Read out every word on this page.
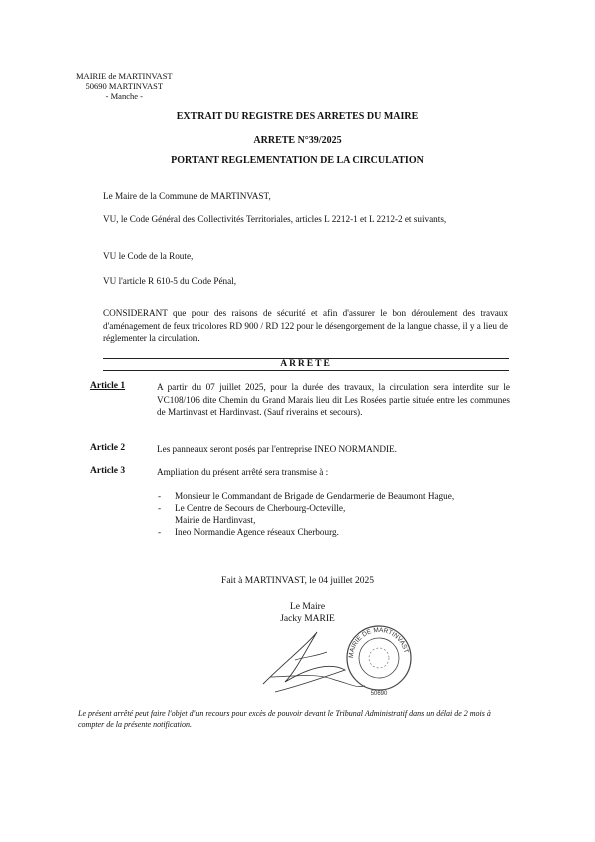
MAIRIE de MARTINVAST
50690 MARTINVAST
- Manche -
EXTRAIT DU REGISTRE DES ARRETES DU MAIRE
ARRETE N°39/2025
PORTANT REGLEMENTATION DE LA CIRCULATION
Le Maire de la Commune de MARTINVAST,
VU, le Code Général des Collectivités Territoriales, articles L 2212-1 et L 2212-2 et suivants,
VU le Code de la Route,
VU l'article R 610-5 du Code Pénal,
CONSIDERANT que pour des raisons de sécurité et afin d'assurer le bon déroulement des travaux d'aménagement de feux tricolores RD 900 / RD 122 pour le désengorgement de la langue chasse, il y a lieu de réglementer la circulation.
ARRETE
Article 1	A partir du 07 juillet 2025, pour la durée des travaux, la circulation sera interdite sur le VC108/106 dite Chemin du Grand Marais lieu dit Les Rosées partie située entre les communes de Martinvast et Hardinvast. (Sauf riverains et secours).
Article 2	Les panneaux seront posés par l'entreprise INEO NORMANDIE.
Article 3	Ampliation du présent arrêté sera transmise à :
- Monsieur le Commandant de Brigade de Gendarmerie de Beaumont Hague,
- Le Centre de Secours de Cherbourg-Octeville,
Mairie de Hardinvast,
- Ineo Normandie Agence réseaux Cherbourg.
Fait à MARTINVAST, le 04 juillet 2025
Le Maire
Jacky MARIE
MAIRIE DE MARTINVAST
50690
Le présent arrêté peut faire l'objet d'un recours pour excès de pouvoir devant le Tribunal Administratif dans un délai de 2 mois à compter de la présente notification.
